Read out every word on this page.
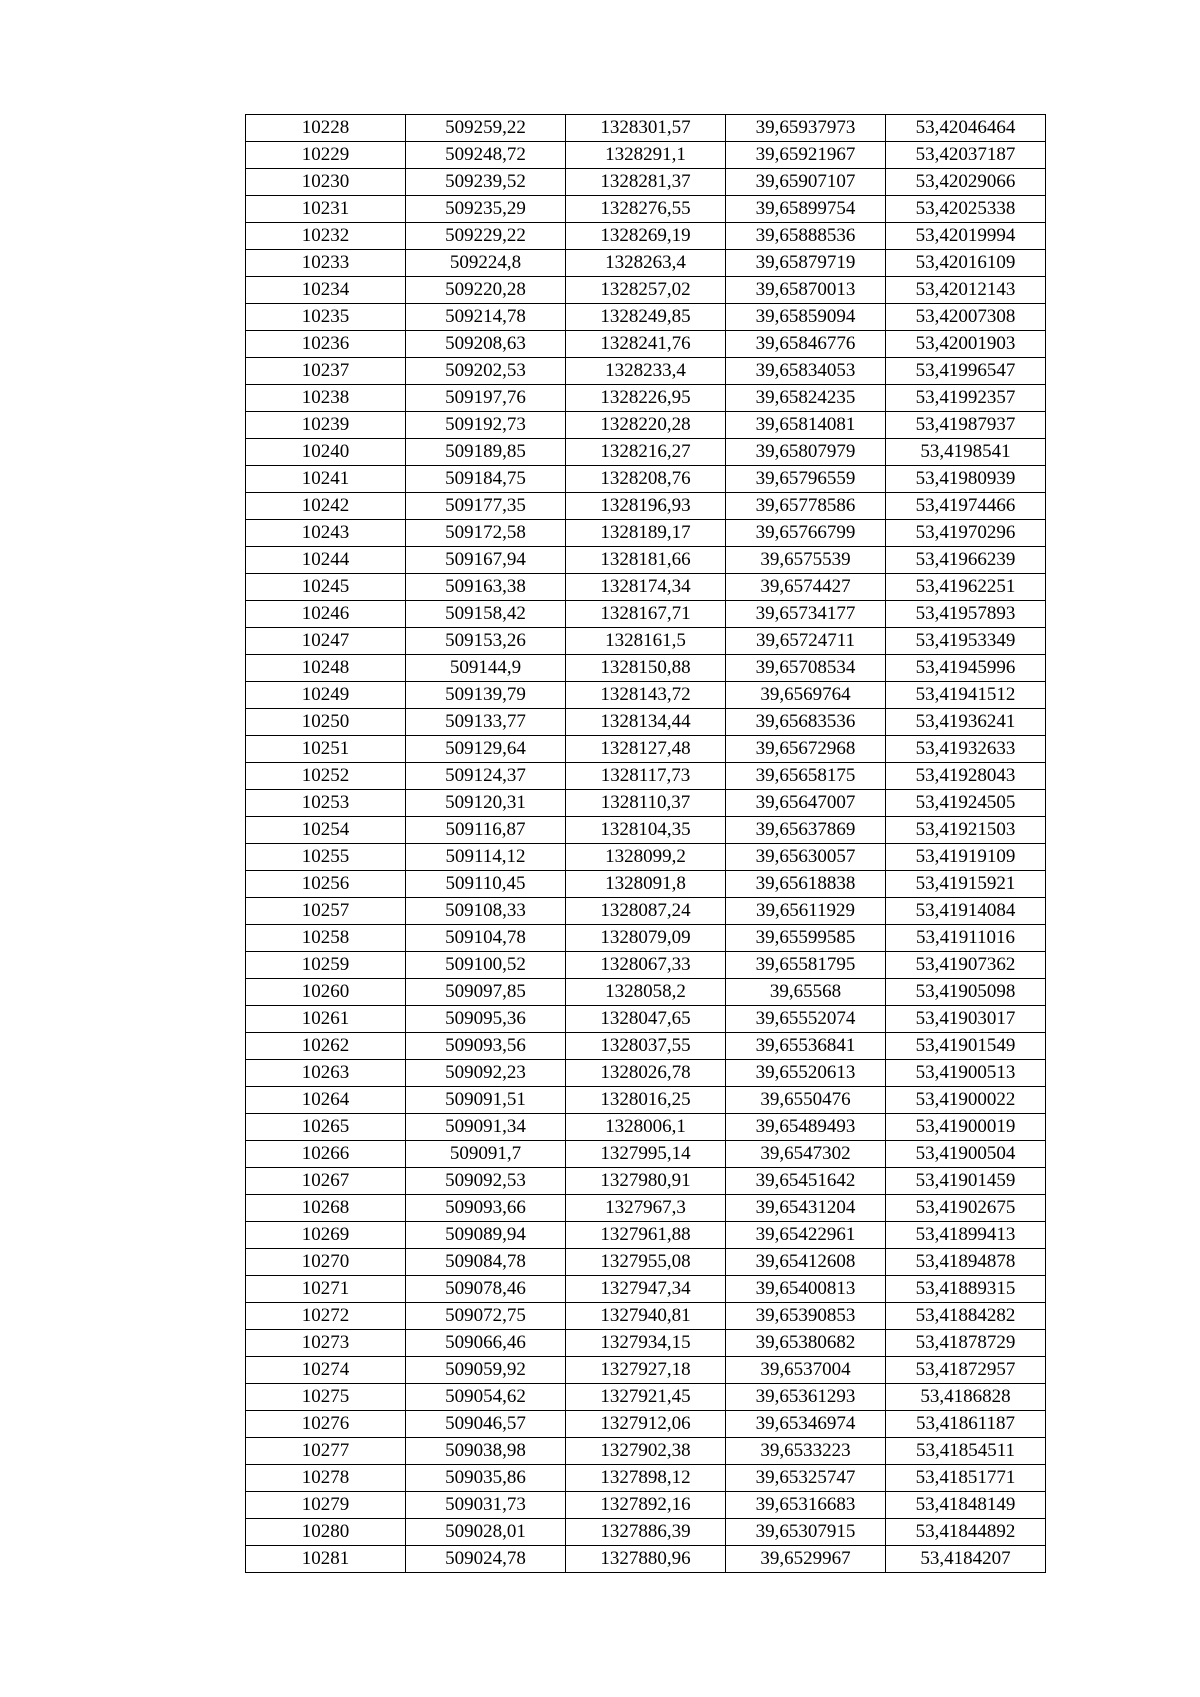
10228	509259,22	1328301,57	39,65937973	53,42046464
10229	509248,72	1328291,1	39,65921967	53,42037187
10230	509239,52	1328281,37	39,65907107	53,42029066
10231	509235,29	1328276,55	39,65899754	53,42025338
10232	509229,22	1328269,19	39,65888536	53,42019994
10233	509224,8	1328263,4	39,65879719	53,42016109
10234	509220,28	1328257,02	39,65870013	53,42012143
10235	509214,78	1328249,85	39,65859094	53,42007308
10236	509208,63	1328241,76	39,65846776	53,42001903
10237	509202,53	1328233,4	39,65834053	53,41996547
10238	509197,76	1328226,95	39,65824235	53,41992357
10239	509192,73	1328220,28	39,65814081	53,41987937
10240	509189,85	1328216,27	39,65807979	53,4198541
10241	509184,75	1328208,76	39,65796559	53,41980939
10242	509177,35	1328196,93	39,65778586	53,41974466
10243	509172,58	1328189,17	39,65766799	53,41970296
10244	509167,94	1328181,66	39,6575539	53,41966239
10245	509163,38	1328174,34	39,6574427	53,41962251
10246	509158,42	1328167,71	39,65734177	53,41957893
10247	509153,26	1328161,5	39,65724711	53,41953349
10248	509144,9	1328150,88	39,65708534	53,41945996
10249	509139,79	1328143,72	39,6569764	53,41941512
10250	509133,77	1328134,44	39,65683536	53,41936241
10251	509129,64	1328127,48	39,65672968	53,41932633
10252	509124,37	1328117,73	39,65658175	53,41928043
10253	509120,31	1328110,37	39,65647007	53,41924505
10254	509116,87	1328104,35	39,65637869	53,41921503
10255	509114,12	1328099,2	39,65630057	53,41919109
10256	509110,45	1328091,8	39,65618838	53,41915921
10257	509108,33	1328087,24	39,65611929	53,41914084
10258	509104,78	1328079,09	39,65599585	53,41911016
10259	509100,52	1328067,33	39,65581795	53,41907362
10260	509097,85	1328058,2	39,65568	53,41905098
10261	509095,36	1328047,65	39,65552074	53,41903017
10262	509093,56	1328037,55	39,65536841	53,41901549
10263	509092,23	1328026,78	39,65520613	53,41900513
10264	509091,51	1328016,25	39,6550476	53,41900022
10265	509091,34	1328006,1	39,65489493	53,41900019
10266	509091,7	1327995,14	39,6547302	53,41900504
10267	509092,53	1327980,91	39,65451642	53,41901459
10268	509093,66	1327967,3	39,65431204	53,41902675
10269	509089,94	1327961,88	39,65422961	53,41899413
10270	509084,78	1327955,08	39,65412608	53,41894878
10271	509078,46	1327947,34	39,65400813	53,41889315
10272	509072,75	1327940,81	39,65390853	53,41884282
10273	509066,46	1327934,15	39,65380682	53,41878729
10274	509059,92	1327927,18	39,6537004	53,41872957
10275	509054,62	1327921,45	39,65361293	53,4186828
10276	509046,57	1327912,06	39,65346974	53,41861187
10277	509038,98	1327902,38	39,6533223	53,41854511
10278	509035,86	1327898,12	39,65325747	53,41851771
10279	509031,73	1327892,16	39,65316683	53,41848149
10280	509028,01	1327886,39	39,65307915	53,41844892
10281	509024,78	1327880,96	39,6529967	53,4184207
